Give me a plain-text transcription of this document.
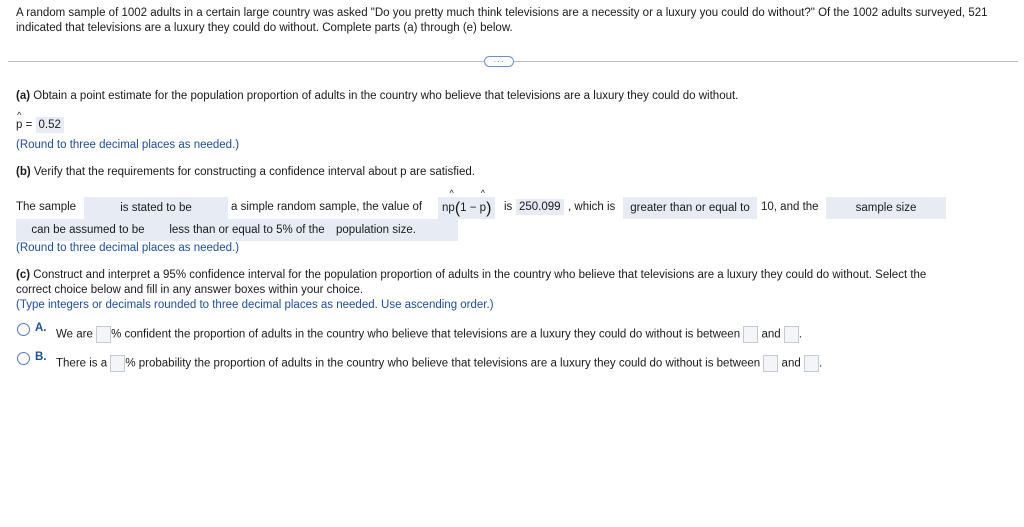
A random sample of 1002 adults in a certain large country was asked "Do you pretty much think televisions are a necessity or a luxury you could do without?" Of the 1002 adults surveyed, 521 indicated that televisions are a luxury they could do without. Complete parts (a) through (e) below.
···
(a) Obtain a point estimate for the population proportion of adults in the country who believe that televisions are a luxury they could do without.
^ p = 0.52
(Round to three decimal places as needed.)
(b) Verify that the requirements for constructing a confidence interval about p are satisfied.
The sample	is stated to be	a simple random sample, the value of	n^ p(1 − ^ p)	is 250.099 , which is	greater than or equal to 10, and the	sample size
can be assumed to be	less than or equal to 5% of the population size.
(Round to three decimal places as needed.)
(c) Construct and interpret a 95% confidence interval for the population proportion of adults in the country who believe that televisions are a luxury they could do without. Select the
correct choice below and fill in any answer boxes within your choice.
(Type integers or decimals rounded to three decimal places as needed. Use ascending order.)
A.
We are % confident the proportion of adults in the country who believe that televisions are a luxury they could do without is between and .
B.
There is a % probability the proportion of adults in the country who believe that televisions are a luxury they could do without is between and .
